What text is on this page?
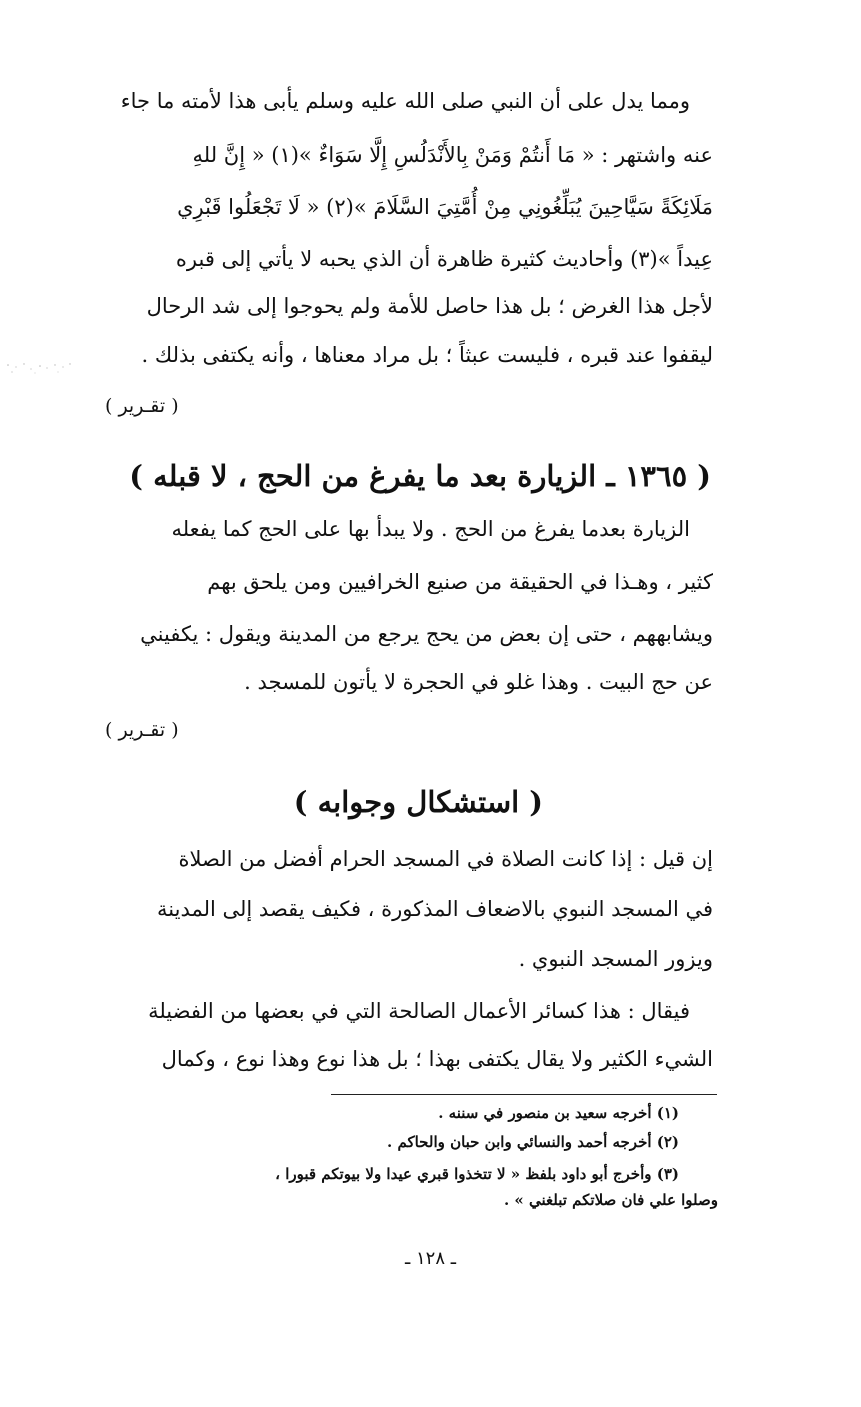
ومما يدل على أن النبي صلى الله عليه وسلم يأبى هذا لأمته ما جاء
عنه واشتهر : « مَا أَنتُمْ وَمَنْ بِالأَنْدَلُسِ إِلَّا سَوَاءٌ »(١) « إِنَّ للهِ
مَلَائِكَةً سَيَّاحِينَ يُبَلِّغُونِي مِنْ أُمَّتِيَ السَّلَامَ »(٢) « لَا تَجْعَلُوا قَبْرِي
عِيداً »(٣) وأحاديث كثيرة ظاهرة أن الذي يحبه لا يأتي إلى قبره
لأجل هذا الغرض ؛ بل هذا حاصل للأمة ولم يحوجوا إلى شد الرحال
ليقفوا عند قبره ، فليست عبثاً ؛ بل مراد معناها ، وأنه يكتفى بذلك .
( تقـرير )
( ١٣٦٥ ـ الزيارة بعد ما يفرغ من الحج ، لا قبله )
الزيارة بعدما يفرغ من الحج . ولا يبدأ بها على الحج كما يفعله
كثير ، وهـذا في الحقيقة من صنيع الخرافيين ومن يلحق بهم
ويشابههم ، حتى إن بعض من يحج يرجع من المدينة ويقول : يكفيني
عن حج البيت . وهذا غلو في الحجرة لا يأتون للمسجد .
( تقـرير )
( استشكال وجوابه )
إن قيل : إذا كانت الصلاة في المسجد الحرام أفضل من الصلاة
في المسجد النبوي بالاضعاف المذكورة ، فكيف يقصد إلى المدينة
ويزور المسجد النبوي .
فيقال : هذا كسائر الأعمال الصالحة التي في بعضها من الفضيلة
الشيء الكثير ولا يقال يكتفى بهذا ؛ بل هذا نوع وهذا نوع ، وكمال
(١) أخرجه سعيد بن منصور في سننه .
(٢) أخرجه أحمد والنسائي وابن حبان والحاكم .
(٣) وأخرج أبو داود بلفظ « لا تتخذوا قبري عيدا ولا بيوتكم قبورا ،
وصلوا علي فان صلاتكم تبلغني » .
ـ ١٢٨ ـ
